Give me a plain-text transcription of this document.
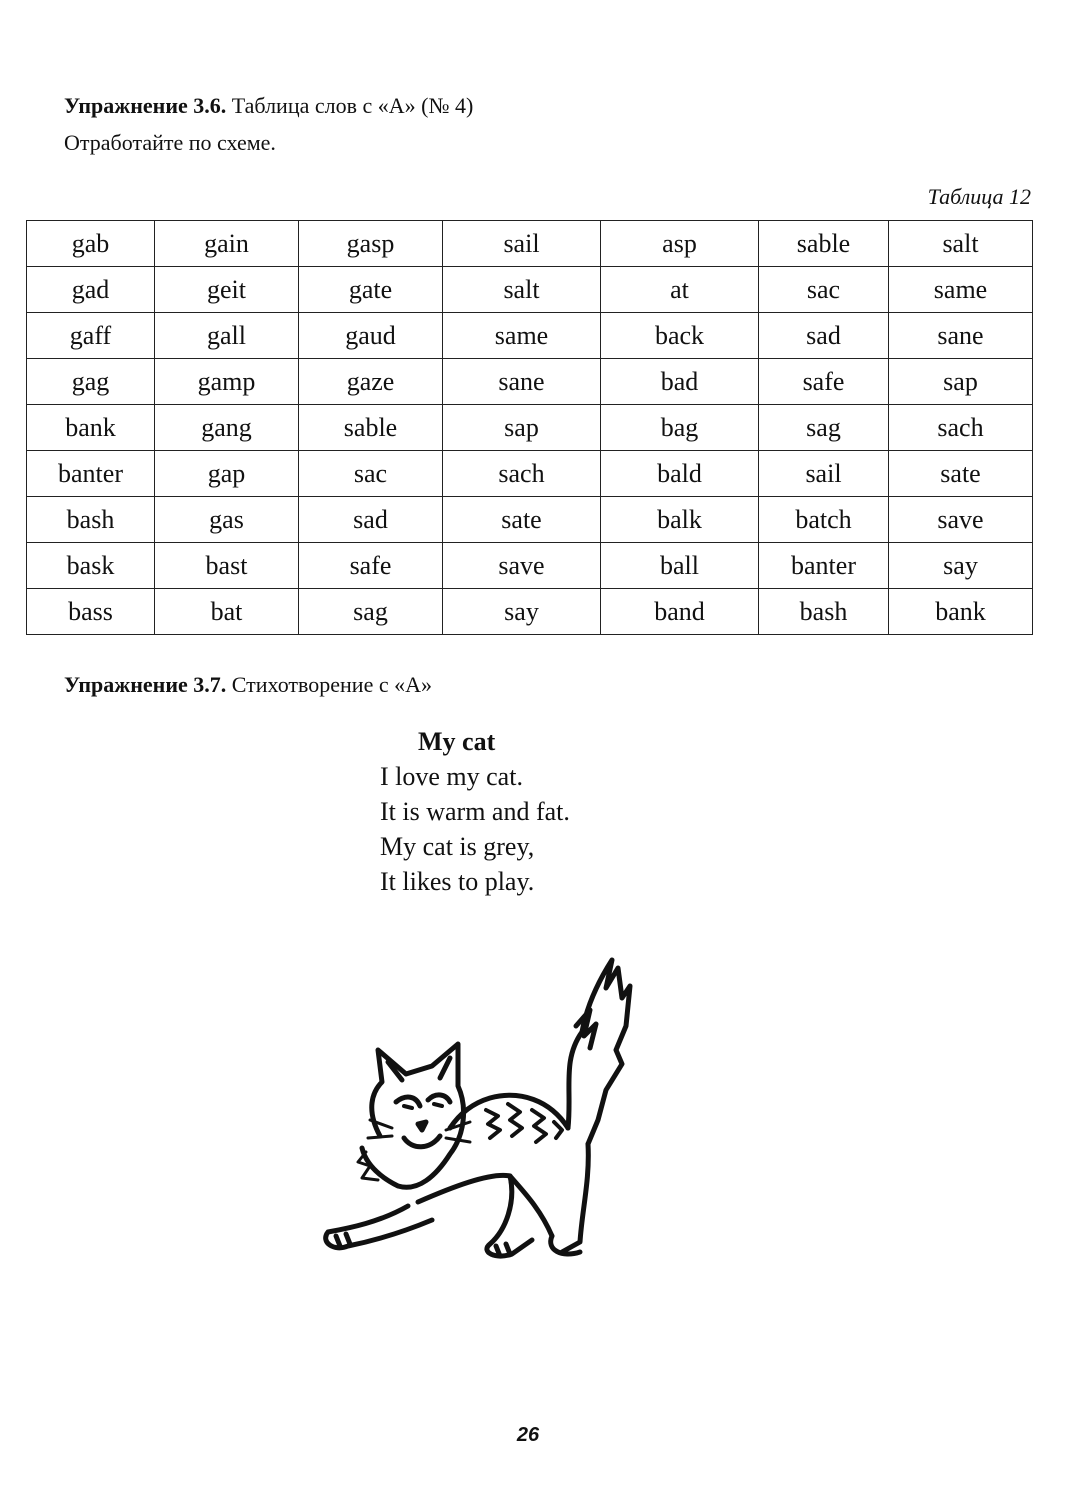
Упражнение 3.6. Таблица слов с «А» (№ 4)
Отработайте по схеме.
Таблица 12
gab	gain	gasp	sail	asp	sable	salt
gad	geit	gate	salt	at	sac	same
gaff	gall	gaud	same	back	sad	sane
gag	gamp	gaze	sane	bad	safe	sap
bank	gang	sable	sap	bag	sag	sach
banter	gap	sac	sach	bald	sail	sate
bash	gas	sad	sate	balk	batch	save
bask	bast	safe	save	ball	banter	say
bass	bat	sag	say	band	bash	bank
Упражнение 3.7. Стихотворение с «А»
My cat
I love my cat.
It is warm and fat.
My cat is grey,
It likes to play.
26
